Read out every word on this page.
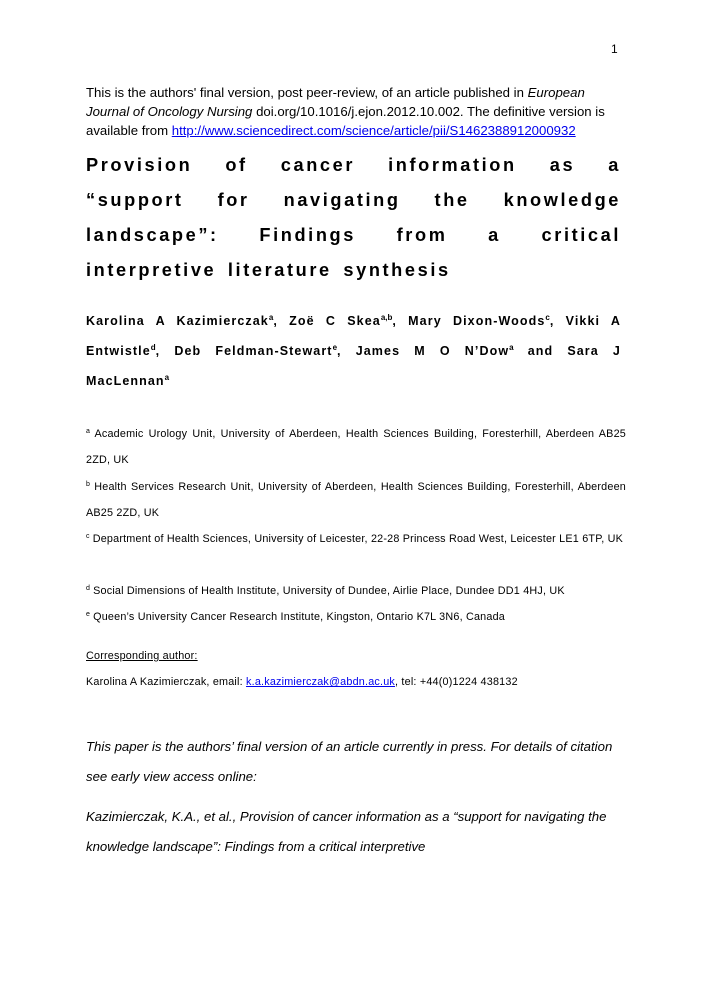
1
This is the authors' final version, post peer-review, of an article published in European Journal of Oncology Nursing doi.org/10.1016/j.ejon.2012.10.002. The definitive version is available from http://www.sciencedirect.com/science/article/pii/S1462388912000932
Provision of cancer information as a “support for navigating the knowledge landscape”: Findings from a critical interpretive literature synthesis
Karolina A Kazimierczak$^a$, Zoë C Skea$^{a,b}$, Mary Dixon-Woods$^c$, Vikki A Entwistle$^d$, Deb Feldman-Stewart$^e$, James M O N’Dow$^a$ and Sara J MacLennan$^a$
$^a$ Academic Urology Unit, University of Aberdeen, Health Sciences Building, Foresterhill, Aberdeen AB25 2ZD, UK
$^b$ Health Services Research Unit, University of Aberdeen, Health Sciences Building, Foresterhill, Aberdeen AB25 2ZD, UK
$^c$ Department of Health Sciences, University of Leicester, 22-28 Princess Road West, Leicester LE1 6TP, UK
$^d$ Social Dimensions of Health Institute, University of Dundee, Airlie Place, Dundee DD1 4HJ, UK
$^e$ Queen’s University Cancer Research Institute, Kingston, Ontario K7L 3N6, Canada
Corresponding author:
Karolina A Kazimierczak, email: k.a.kazimierczak@abdn.ac.uk, tel: +44(0)1224 438132
This paper is the authors’ final version of an article currently in press. For details of citation see early view access online:
Kazimierczak, K.A., et al., Provision of cancer information as a “support for navigating the knowledge landscape”: Findings from a critical interpretive
